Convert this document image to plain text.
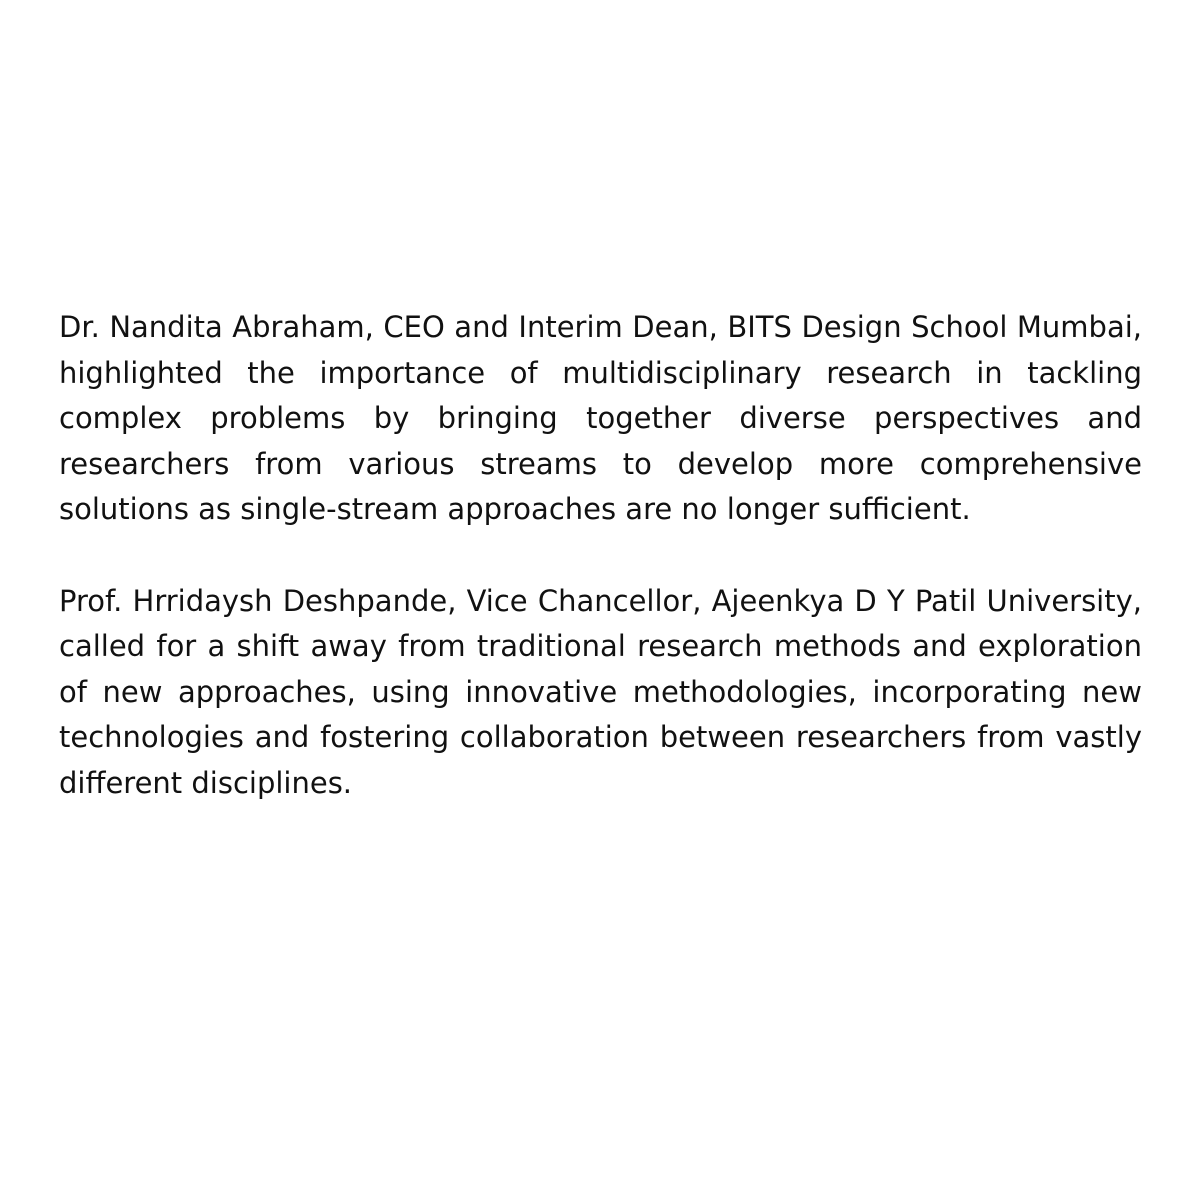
Dr. Nandita Abraham, CEO and Interim Dean, BITS Design School Mumbai, highlighted the importance of multidisciplinary research in tackling complex problems by bringing together diverse perspectives and researchers from various streams to develop more comprehensive solutions as single-stream approaches are no longer sufficient.

Prof. Hrridaysh Deshpande, Vice Chancellor, Ajeenkya D Y Patil University, called for a shift away from traditional research methods and exploration of new approaches, using innovative methodologies, incorporating new technologies and fostering collaboration between researchers from vastly different disciplines.
